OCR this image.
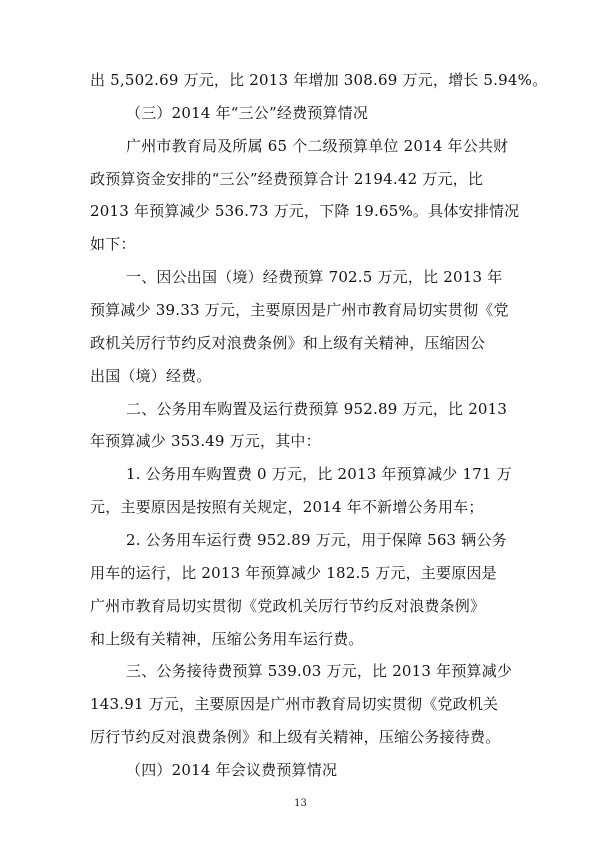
出 5,502.69 万元，比 2013 年增加 308.69 万元，增长 5.94%。
（三）2014 年“三公”经费预算情况
广州市教育局及所属 65 个二级预算单位 2014 年公共财
政预算资金安排的“三公”经费预算合计 2194.42 万元，比
2013 年预算减少 536.73 万元，下降 19.65%。具体安排情况
如下：
一、因公出国（境）经费预算 702.5 万元，比 2013 年
预算减少 39.33 万元，主要原因是广州市教育局切实贯彻《党
政机关厉行节约反对浪费条例》和上级有关精神，压缩因公
出国（境）经费。
二、公务用车购置及运行费预算 952.89 万元，比 2013
年预算减少 353.49 万元，其中：
1. 公务用车购置费 0 万元，比 2013 年预算减少 171 万
元，主要原因是按照有关规定，2014 年不新增公务用车；
2. 公务用车运行费 952.89 万元，用于保障 563 辆公务
用车的运行，比 2013 年预算减少 182.5 万元，主要原因是
广州市教育局切实贯彻《党政机关厉行节约反对浪费条例》
和上级有关精神，压缩公务用车运行费。
三、公务接待费预算 539.03 万元，比 2013 年预算减少
143.91 万元，主要原因是广州市教育局切实贯彻《党政机关
厉行节约反对浪费条例》和上级有关精神，压缩公务接待费。
（四）2014 年会议费预算情况
13
